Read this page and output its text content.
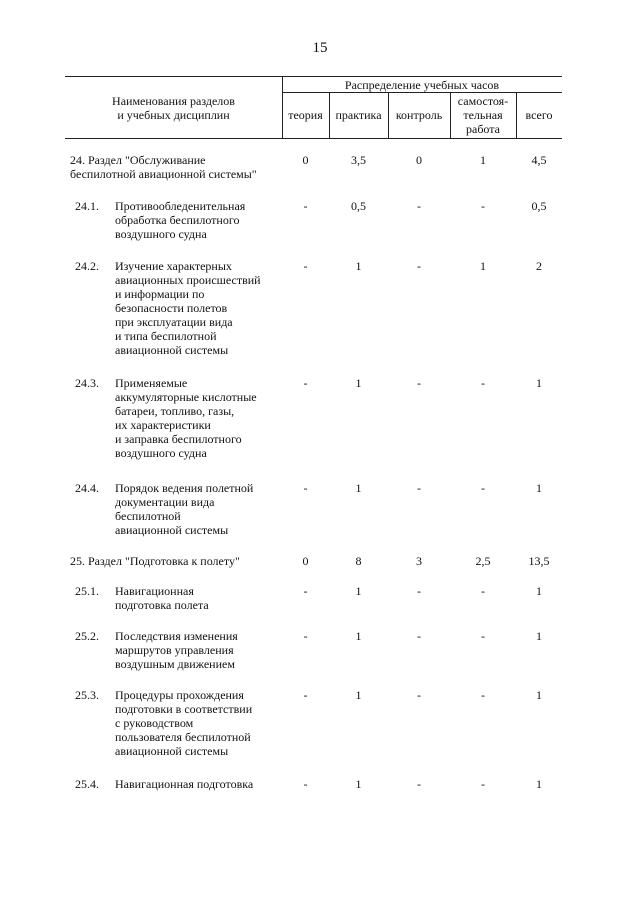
15
Наименования разделов
и учебных дисциплин
Распределение учебных часов
теория	практика	контроль
самостоя-
тельная
работа
всего
24. Раздел "Обслуживание
беспилотной авиационной системы"
0	3,5	0	1	4,5
24.1. Противообледенительная
обработка беспилотного
воздушного судна
-	0,5	-	-	0,5
24.2. Изучение характерных
авиационных происшествий
и информации по
безопасности полетов
при эксплуатации вида
и типа беспилотной
авиационной системы
-	1	-	1	2
24.3. Применяемые
аккумуляторные кислотные
батареи, топливо, газы,
их характеристики
и заправка беспилотного
воздушного судна
-	1	-	-	1
24.4. Порядок ведения полетной
документации вида
беспилотной
авиационной системы
-	1	-	-	1
25. Раздел "Подготовка к полету"	0	8	3	2,5	13,5
25.1. Навигационная
подготовка полета
-	1	-	-	1
25.2. Последствия изменения
маршрутов управления
воздушным движением
-	1	-	-	1
25.3. Процедуры прохождения
подготовки в соответствии
с руководством
пользователя беспилотной
авиационной системы
-	1	-	-	1
25.4. Навигационная подготовка	-	1	-	-	1
